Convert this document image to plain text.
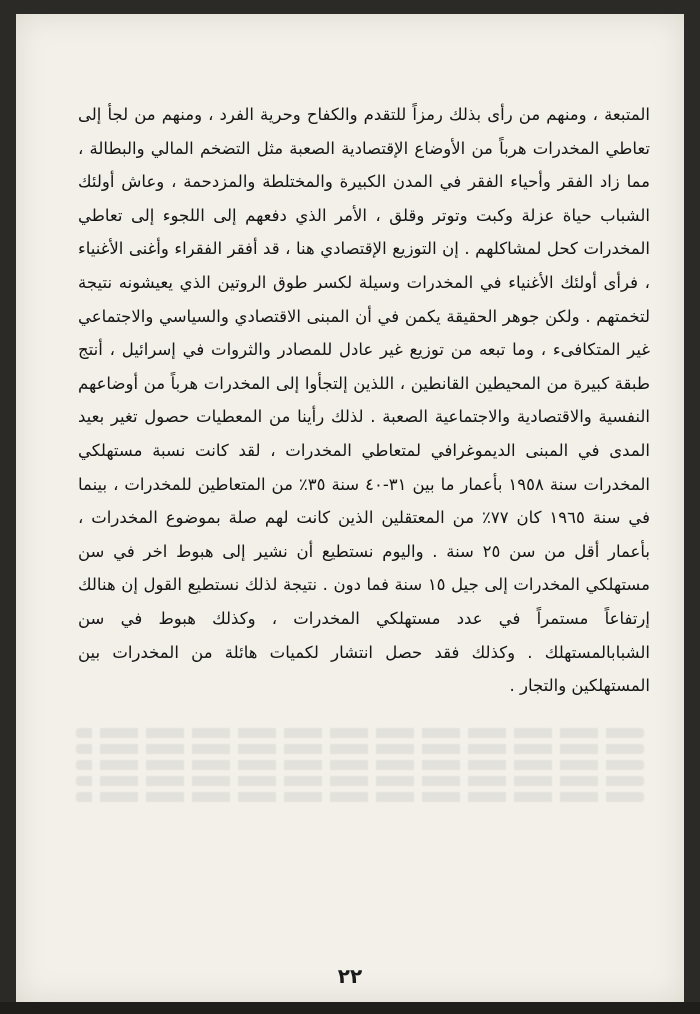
المتبعة ، ومنهم من رأى بذلك رمزاً للتقدم والكفاح وحرية الفرد ، ومنهم من لجأ إلى تعاطي المخدرات هرباً من الأوضاع الإقتصادية الصعبة مثل التضخم المالي والبطالة ، مما زاد الفقر وأحياء الفقر في المدن الكبيرة والمختلطة والمزدحمة ، وعاش أولئك الشباب حياة عزلة وكبت وتوتر وقلق ، الأمر الذي دفعهم إلى اللجوء إلى تعاطي المخدرات كحل لمشاكلهم . إن التوزيع الإقتصادي هنا ، قد أفقر الفقراء وأغنى الأغنياء ، فرأى أولئك الأغنياء في المخدرات وسيلة لكسر طوق الروتين الذي يعيشونه نتيجة لتخمتهم . ولكن جوهر الحقيقة يكمن في أن المبنى الاقتصادي والسياسي والاجتماعي غير المتكافىء ، وما تبعه من توزيع غير عادل للمصادر والثروات في إسرائيل ، أنتج طبقة كبيرة من المحيطين القانطين ، اللذين إلتجأوا إلى المخدرات هرباً من أوضاعهم النفسية والاقتصادية والاجتماعية الصعبة . لذلك رأينا من المعطيات حصول تغير بعيد المدى في المبنى الديموغرافي لمتعاطي المخدرات ، لقد كانت نسبة مستهلكي المخدرات سنة ١٩٥٨ بأعمار ما بين ٣١-٤٠ سنة ٣٥٪ من المتعاطين للمخدرات ، بينما في سنة ١٩٦٥ كان ٧٧٪ من المعتقلين الذين كانت لهم صلة بموضوع المخدرات ، بأعمار أقل من سن ٢٥ سنة . واليوم نستطيع أن نشير إلى هبوط اخر في سن مستهلكي المخدرات إلى جيل ١٥ سنة فما دون . نتيجة لذلك نستطيع القول إن هنالك إرتفاعاً مستمراً في عدد مستهلكي المخدرات ، وكذلك هبوط في سن الشبابالمستهلك . وكذلك فقد حصل انتشار لكميات هائلة من المخدرات بين المستهلكين والتجار .

٢٢
